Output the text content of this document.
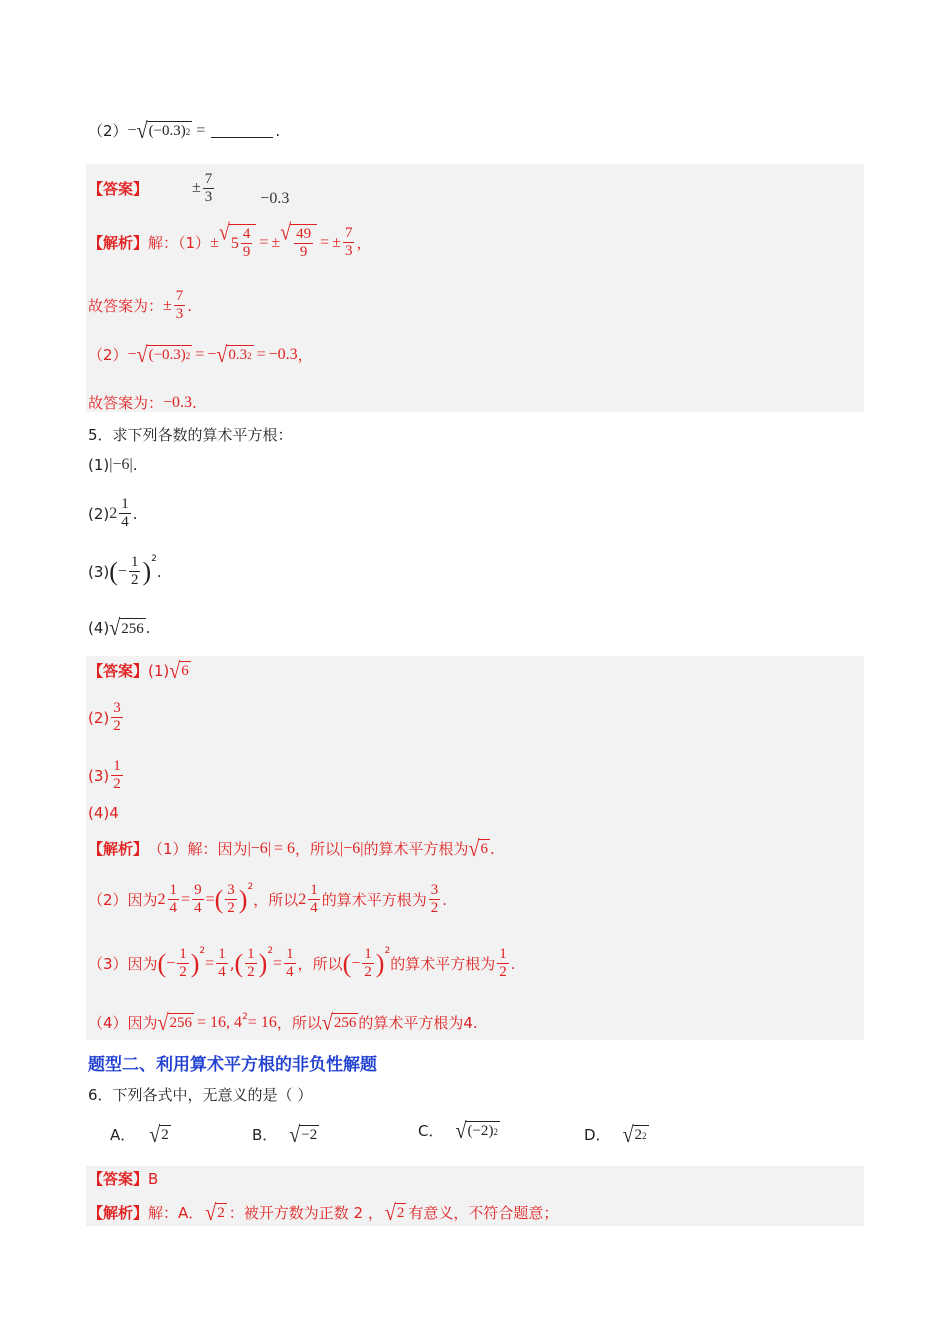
（2） − √ ( −0.3 ) 2 =	.
【答案】	± $\frac{7}{3}$	−0.3
【解析】 解：（1） ± √ $5 \frac{4}{9}$ = ± √ $\frac{49}{9}$ = ± $\frac{7}{3}$ ，
故答案为： ± $\frac{7}{3}$ .
（2） − √ ( −0.3 ) 2 = − √ 0.3 2 = −0.3 ，
故答案为： −0.3 .
5．求下列各数的算术平方根：
(1) |−6| .
(2) $2 \frac{1}{4}$ .
(3) ( − $\frac{1}{2} )^2$
.
(4) √ 256 .
【答案】 (1) √ 6
$(2) \frac{3}{2}$
$(3) \frac{1}{2}$
(4)4
【解析】 （1）解：因为 |−6| = 6 ，所以 |−6| 的算术平方根为 √ 6 .
（2）因为 $2 \frac{1}{4} = \frac{9}{4}$ = ( $\frac{3}{2} )^2$
，所以 $2 \frac{1}{4}$ 的算术平方根为 $\frac{3}{2}$ .
（3）因为 ( − $\frac{1}{2} )^2$
= $\frac{1}{4}$ , ( $\frac{1}{2} )^2$
= $\frac{1}{4}$ ，所以 ( − $\frac{1}{2} )^2$
的算术平方根为 $\frac{1}{2}$ .
（4）因为 √ 256 = 16, $4^2 = 16$ ，所以 √ 256 的算术平方根为4.
题型二、利用算术平方根的非负性解题
6．下列各式中，无意义的是（ ）
A． √ 2	B． √ −2	C． √ ( −2 ) 2	D． √ 2 2
【答案】 B
【解析】 解：A． √ 2 ：被开方数为正数 2 ， √ 2 有意义，不符合题意；
